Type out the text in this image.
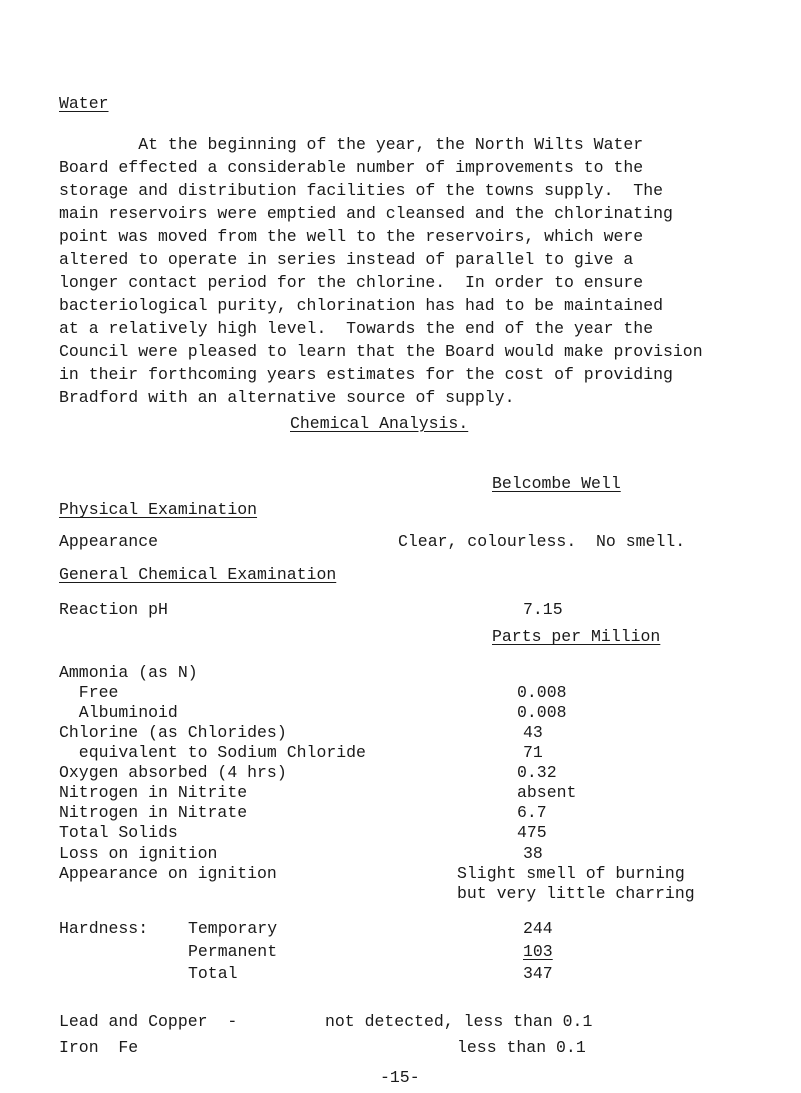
Water
At the beginning of the year, the North Wilts Water
Board effected a considerable number of improvements to the
storage and distribution facilities of the towns supply.  The
main reservoirs were emptied and cleansed and the chlorinating
point was moved from the well to the reservoirs, which were
altered to operate in series instead of parallel to give a
longer contact period for the chlorine.  In order to ensure
bacteriological purity, chlorination has had to be maintained
at a relatively high level.  Towards the end of the year the
Council were pleased to learn that the Board would make provision
in their forthcoming years estimates for the cost of providing
Bradford with an alternative source of supply.
Chemical Analysis.
Belcombe Well
Physical Examination
Appearance	Clear, colourless.  No smell.
General Chemical Examination
Reaction pH	7.15
Parts per Million
Ammonia (as N)
Free	0.008
Albuminoid	0.008
Chlorine (as Chlorides)	43
equivalent to Sodium Chloride	71
Oxygen absorbed (4 hrs)	0.32
Nitrogen in Nitrite	absent
Nitrogen in Nitrate	6.7
Total Solids	475
Loss on ignition	38
Appearance on ignition	Slight smell of burning
but very little charring
Hardness: Temporary	244
Permanent	103
Total	347
-15-
Lead and Copper  -	not detected, less than 0.1
Iron  Fe	less than 0.1
